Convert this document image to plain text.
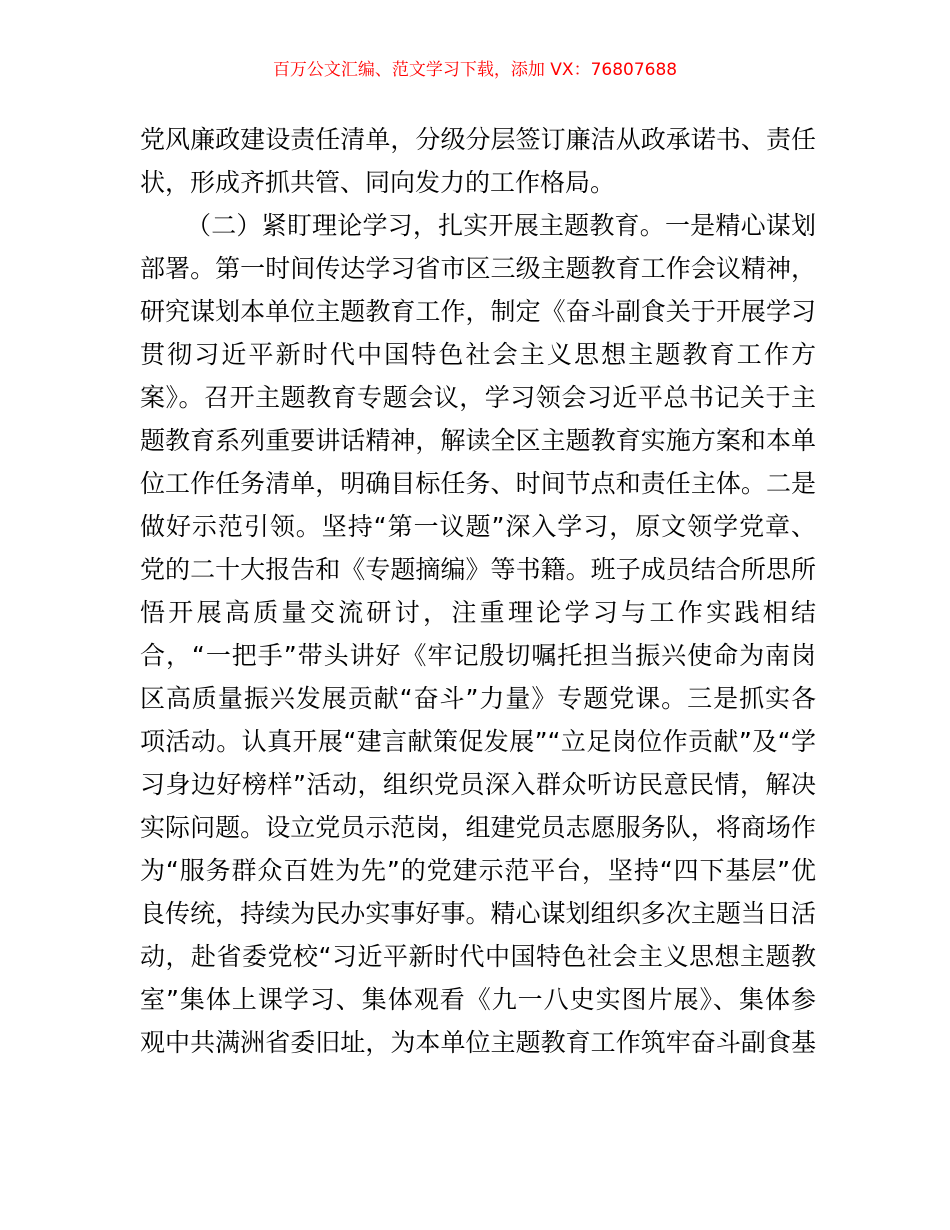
百万公文汇编、范文学习下载，添加 VX：76807688
党风廉政建设责任清单，分级分层签订廉洁从政承诺书、责任
状，形成齐抓共管、同向发力的工作格局。
（二）紧盯理论学习，扎实开展主题教育。一是精心谋划
部署。第一时间传达学习省市区三级主题教育工作会议精神，
研究谋划本单位主题教育工作，制定《奋斗副食关于开展学习
贯彻习近平新时代中国特色社会主义思想主题教育工作方
案》。召开主题教育专题会议，学习领会习近平总书记关于主
题教育系列重要讲话精神，解读全区主题教育实施方案和本单
位工作任务清单，明确目标任务、时间节点和责任主体。二是
做好示范引领。坚持“第一议题”深入学习，原文领学党章、
党的二十大报告和《专题摘编》等书籍。班子成员结合所思所
悟开展高质量交流研讨，注重理论学习与工作实践相结
合，“一把手”带头讲好《牢记殷切嘱托担当振兴使命为南岗
区高质量振兴发展贡献“奋斗”力量》专题党课。三是抓实各
项活动。认真开展“建言献策促发展”“立足岗位作贡献”及“学
习身边好榜样”活动，组织党员深入群众听访民意民情，解决
实际问题。设立党员示范岗，组建党员志愿服务队，将商场作
为“服务群众百姓为先”的党建示范平台，坚持“四下基层”优
良传统，持续为民办实事好事。精心谋划组织多次主题当日活
动，赴省委党校“习近平新时代中国特色社会主义思想主题教
室”集体上课学习、集体观看《九一八史实图片展》、集体参
观中共满洲省委旧址，为本单位主题教育工作筑牢奋斗副食基
